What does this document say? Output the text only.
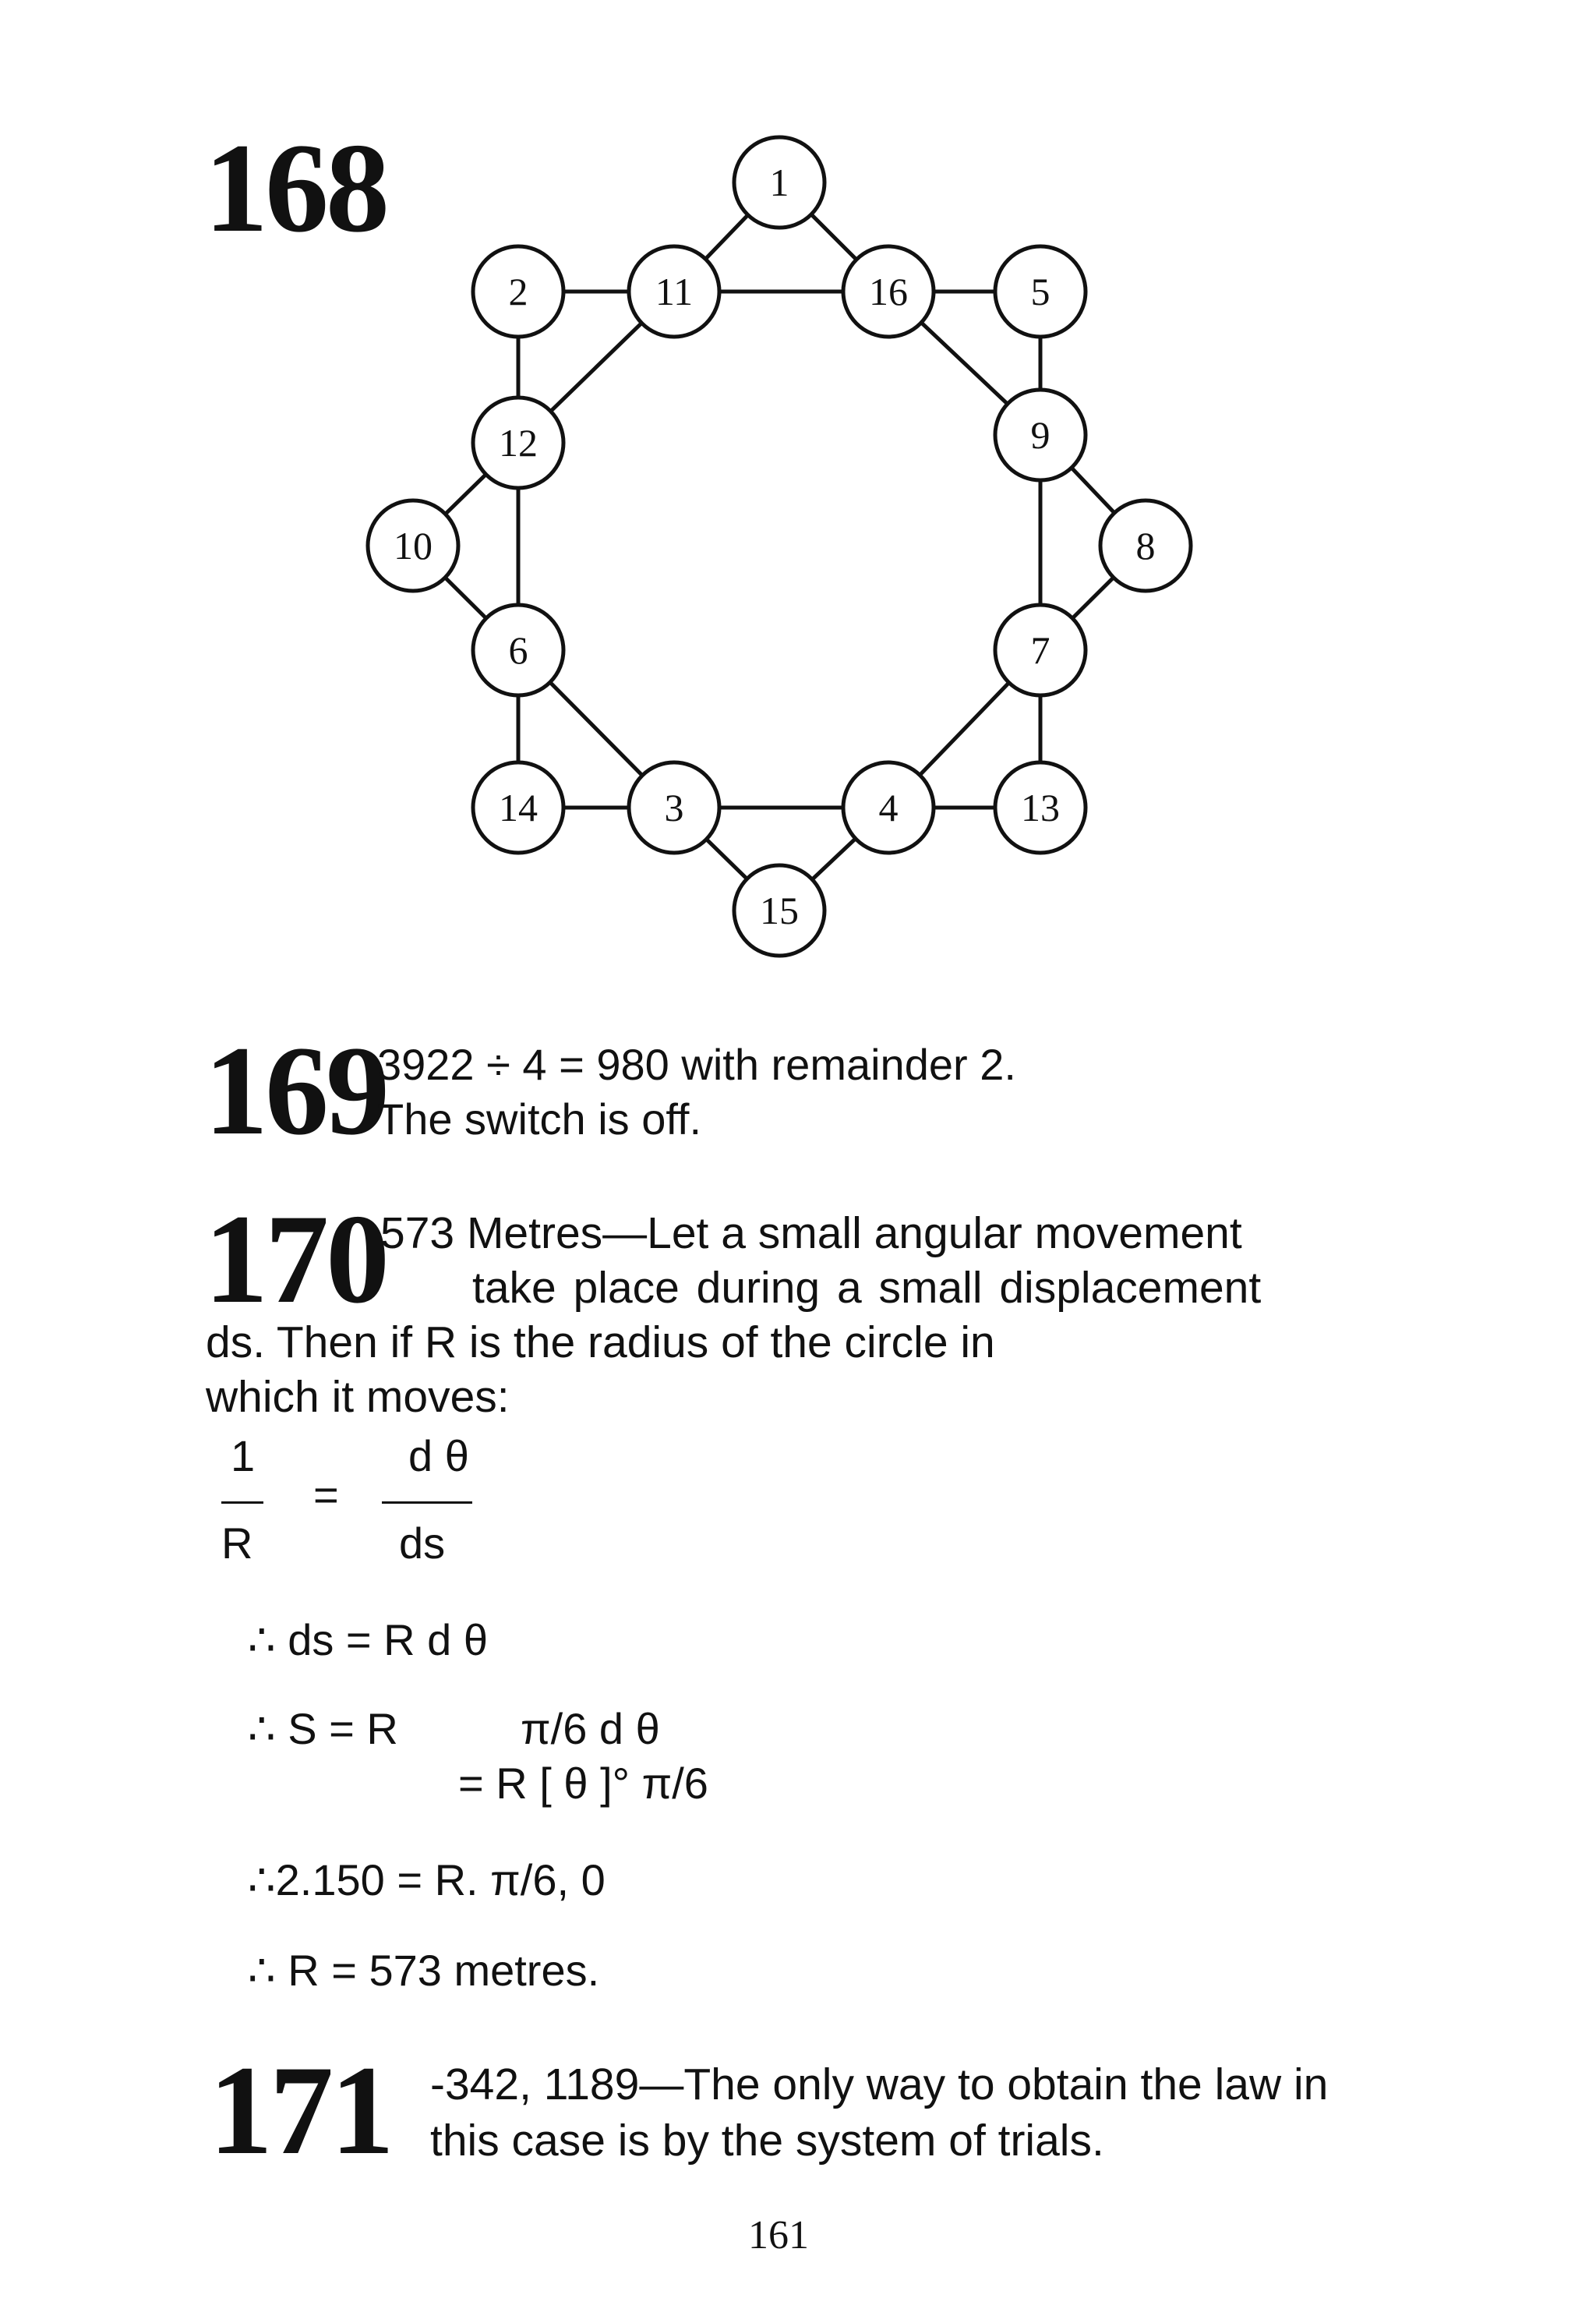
168	1
2	11	16	5
12	9
10	8
6	7
14	3	4	13
15
169
3922 ÷ 4 = 980 with remainder 2.
The switch is off.
170
573 Metres—Let a small angular movement
take place during a small displacement
ds. Then if R is the radius of the circle in
which it moves:
1
R
=
d θ
ds
∴ ds = R d θ
∴ S = R	π/6 d θ
= R [ θ ]° π/6
∴2.150 = R. π/6, 0
∴ R = 573 metres.
171 -342, 1189—The only way to obtain the law in
this case is by the system of trials.
161
